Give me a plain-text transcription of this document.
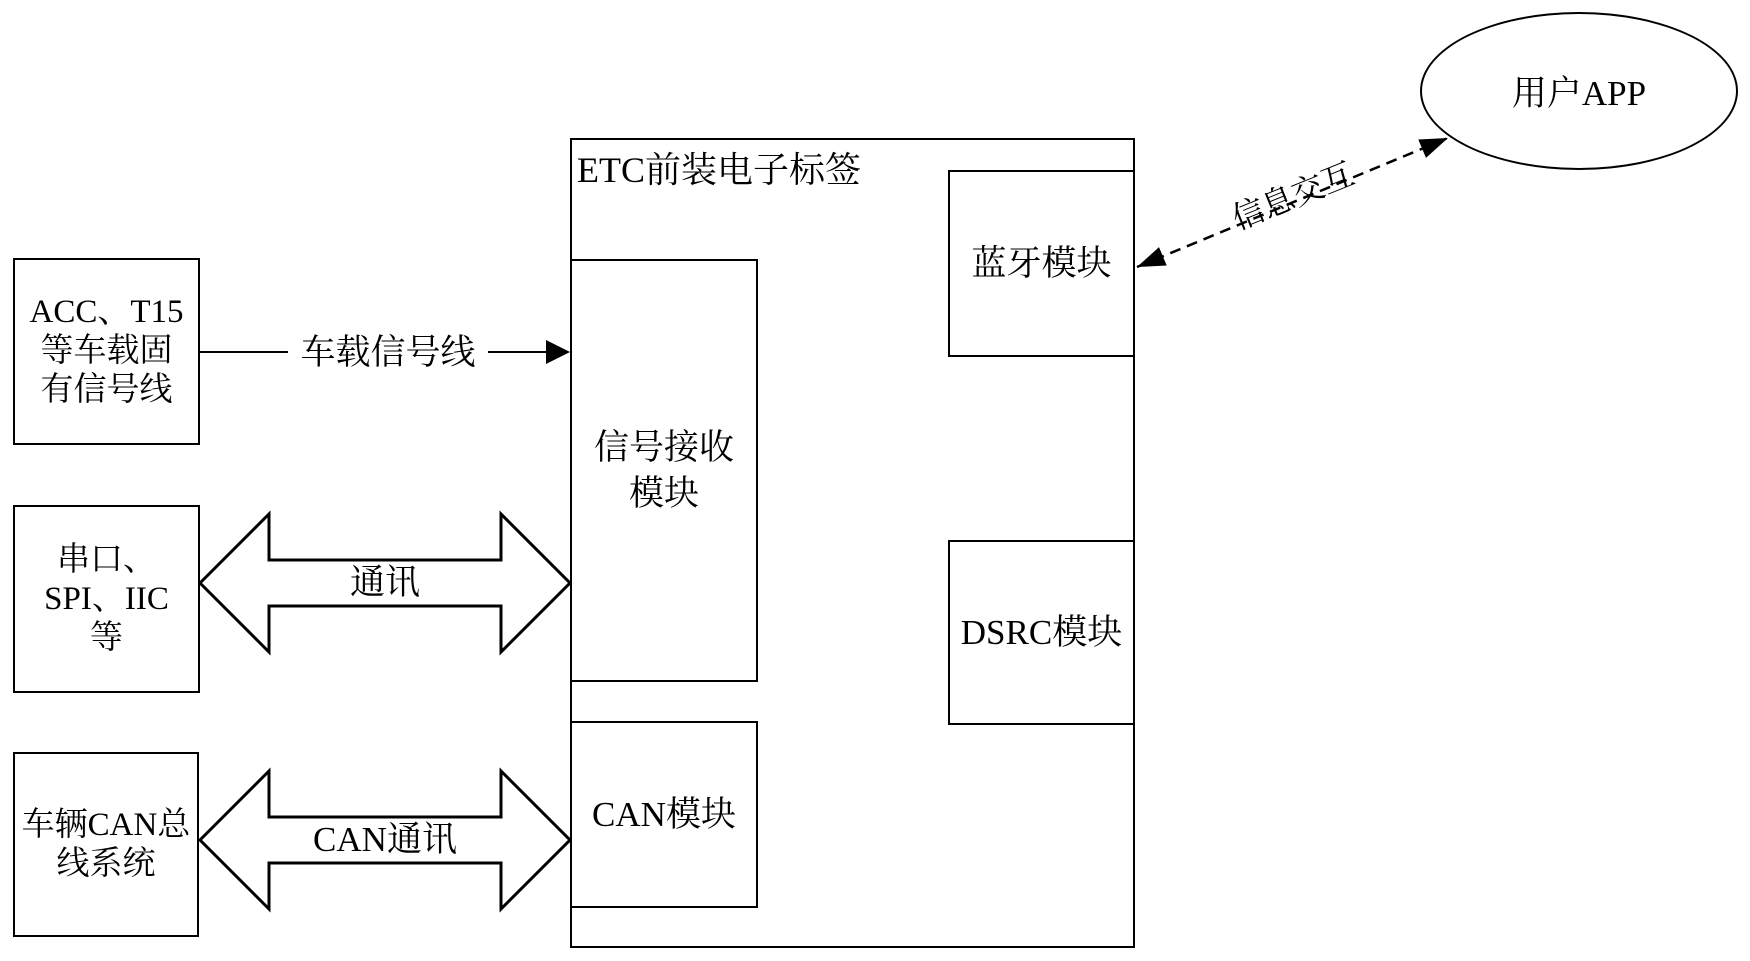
ACC、T15
等车载固
有信号线
串口、
SPI、IIC
等
车辆CAN总
线系统
ETC前装电子标签
信号接收
模块
CAN模块
蓝牙模块
DSRC模块
用户APP
车载信号线
通讯
CAN通讯
信息交互
